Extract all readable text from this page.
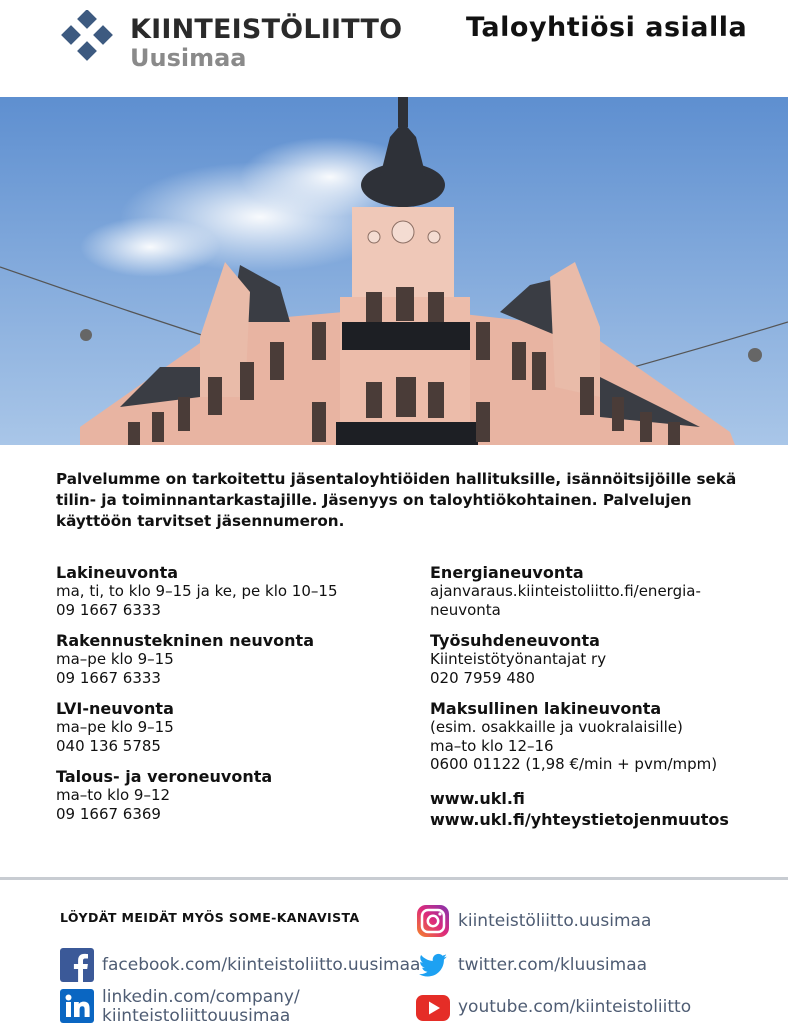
KIINTEISTÖLIITTO
Uusimaa
Taloyhtiösi asialla
Palvelumme on tarkoitettu jäsentaloyhtiöiden hallituksille, isännöitsijöille sekä
tilin- ja toiminnantarkastajille. Jäsenyys on taloyhtiökohtainen. Palvelujen
käyttöön tarvitset jäsennumeron.
Lakineuvonta
ma, ti, to klo 9–15 ja ke, pe klo 10–15
09 1667 6333
Rakennustekninen neuvonta
ma–pe klo 9–15
09 1667 6333
LVI-neuvonta
ma–pe klo 9–15
040 136 5785
Talous- ja veroneuvonta
ma–to klo 9–12
09 1667 6369
Energianeuvonta
ajanvaraus.kiinteistoliitto.fi/energia-
neuvonta
Työsuhdeneuvonta
Kiinteistötyönantajat ry
020 7959 480
Maksullinen lakineuvonta
(esim. osakkaille ja vuokralaisille)
ma–to klo 12–16
0600 01122 (1,98 €/min + pvm/mpm)
www.ukl.fi
www.ukl.fi/yhteystietojenmuutos
LÖYDÄT MEIDÄT MYÖS SOME-KANAVISTA	kiinteistöliitto.uusimaa
facebook.com/kiinteistoliitto.uusimaa twitter.com/kluusimaa
linkedin.com/company/
kiinteistoliittouusimaa	youtube.com/kiinteistoliitto
